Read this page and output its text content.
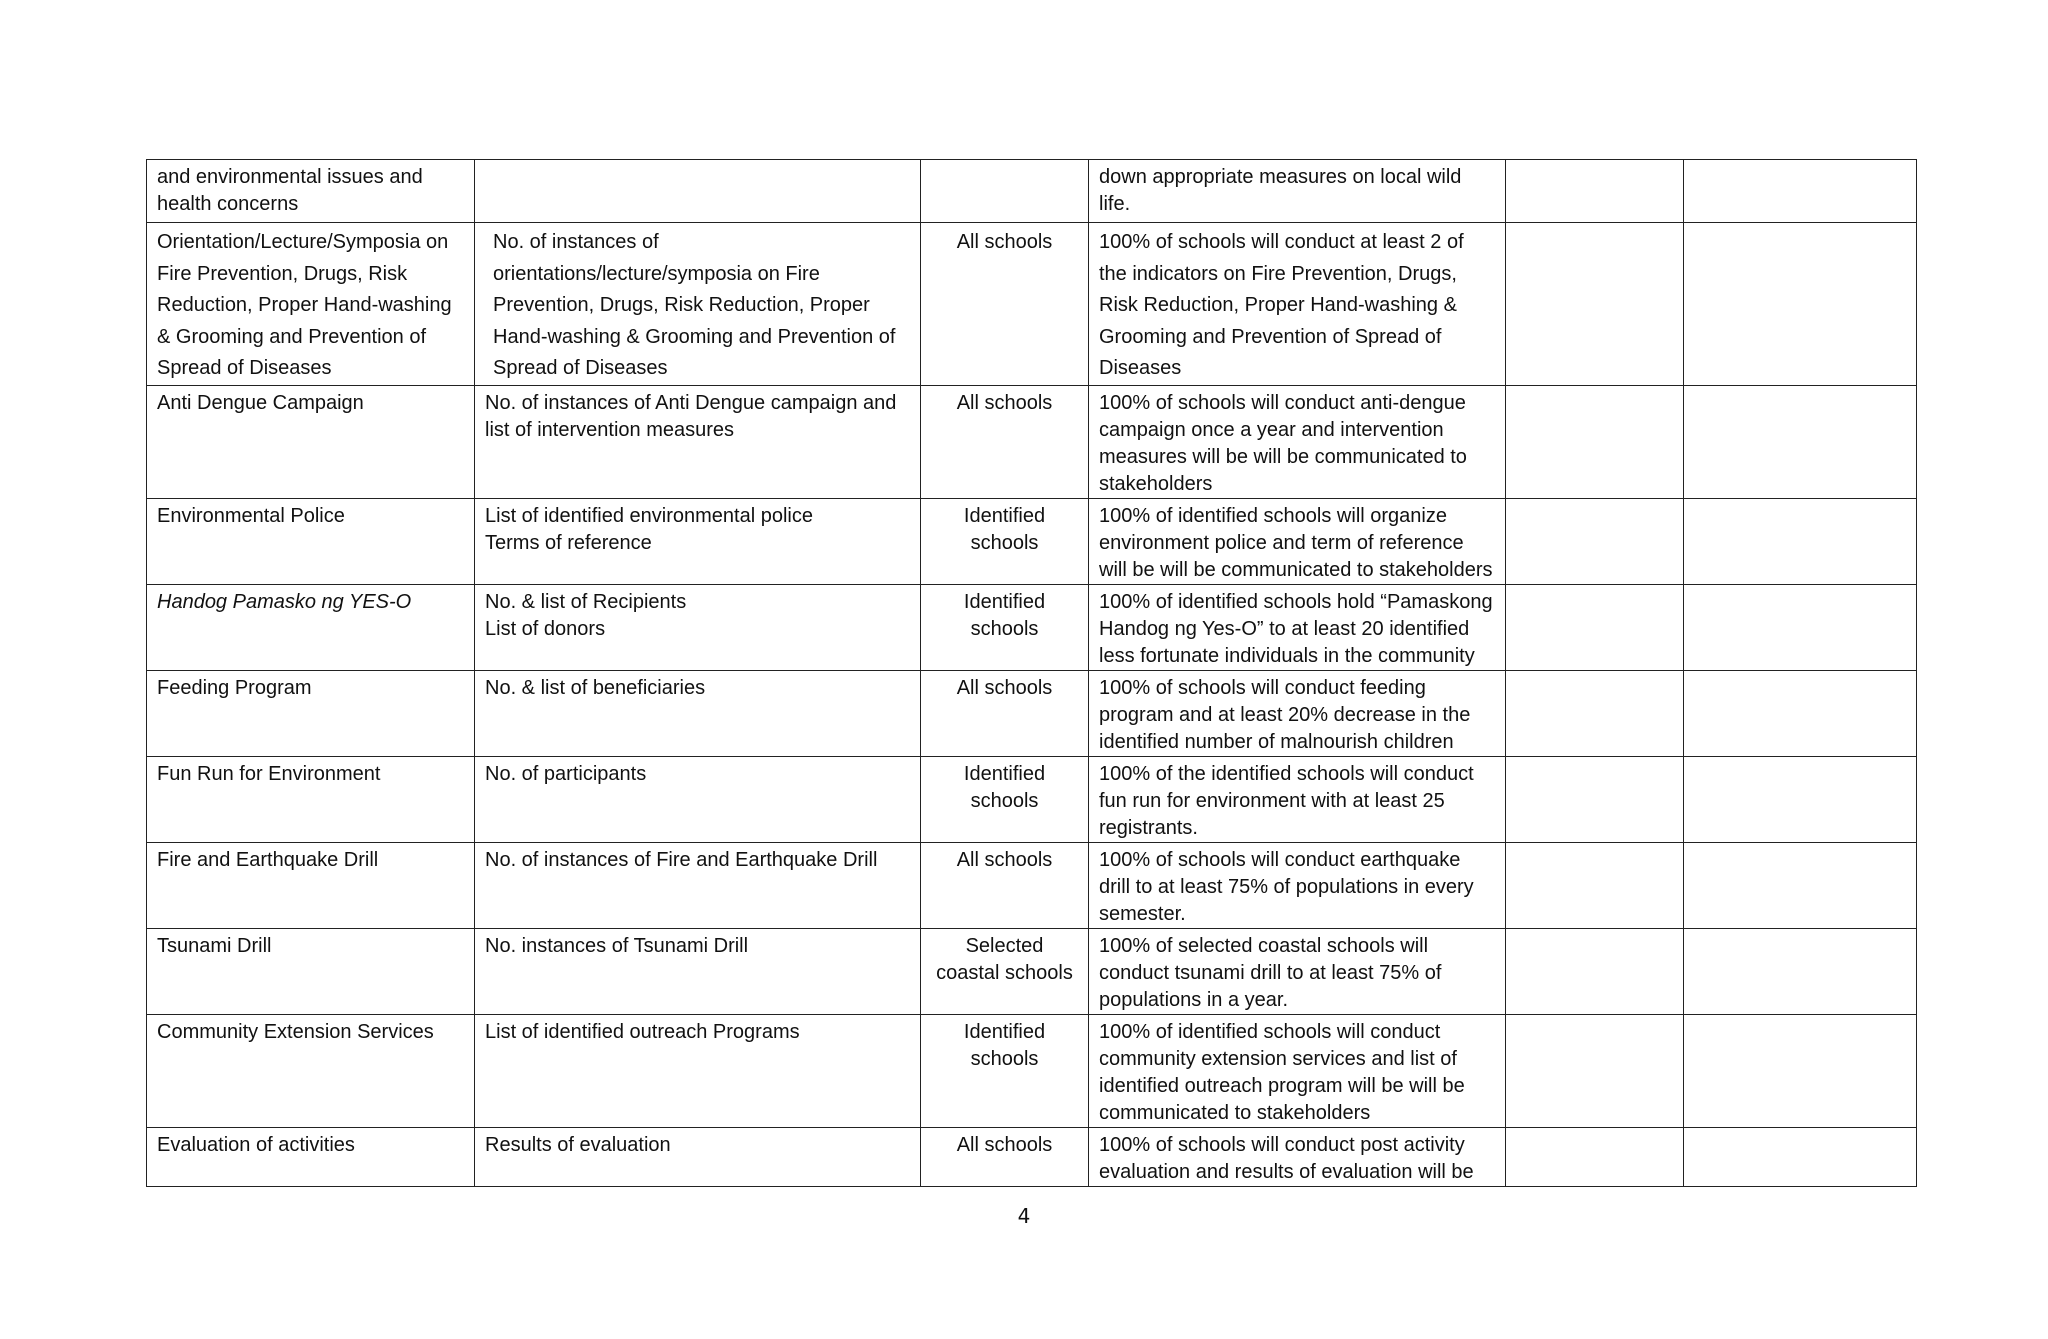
and environmental issues and
health concerns			down appropriate measures on local wild
life.		

Orientation/Lecture/Symposia on
Fire Prevention, Drugs, Risk
Reduction, Proper Hand-washing
& Grooming and Prevention of
Spread of Diseases	No. of instances of
orientations/lecture/symposia on Fire
Prevention, Drugs, Risk Reduction, Proper
Hand-washing & Grooming and Prevention of
Spread of Diseases	All schools	100% of schools will conduct at least 2 of
the indicators on Fire Prevention, Drugs,
Risk Reduction, Proper Hand-washing &
Grooming and Prevention of Spread of
Diseases		

Anti Dengue Campaign	No. of instances of Anti Dengue campaign and
list of intervention measures	All schools	100% of schools will conduct anti-dengue
campaign once a year and intervention
measures will be will be communicated to
stakeholders		

Environmental Police	List of identified environmental police
Terms of reference	Identified
schools	100% of identified schools will organize
environment police and term of reference
will be will be communicated to stakeholders		

Handog Pamasko ng YES-O	No. & list of Recipients
List of donors	Identified
schools	100% of identified schools hold “Pamaskong
Handog ng Yes-O” to at least 20 identified
less fortunate individuals in the community		

Feeding Program	No. & list of beneficiaries	All schools	100% of schools will conduct feeding
program and at least 20% decrease in the
identified number of malnourish children		

Fun Run for Environment	No. of participants	Identified
schools	100% of the identified schools will conduct
fun run for environment with at least 25
registrants.		

Fire and Earthquake Drill	No. of instances of Fire and Earthquake Drill	All schools	100% of schools will conduct earthquake
drill to at least 75% of populations in every
semester.		

Tsunami Drill	No. instances of Tsunami Drill	Selected
coastal schools	100% of selected coastal schools will
conduct tsunami drill to at least 75% of
populations in a year.		

Community Extension Services	List of identified outreach Programs	Identified
schools	100% of identified schools will conduct
community extension services and list of
identified outreach program will be will be
communicated to stakeholders		

Evaluation of activities	Results of evaluation	All schools	100% of schools will conduct post activity
evaluation and results of evaluation will be		

4
